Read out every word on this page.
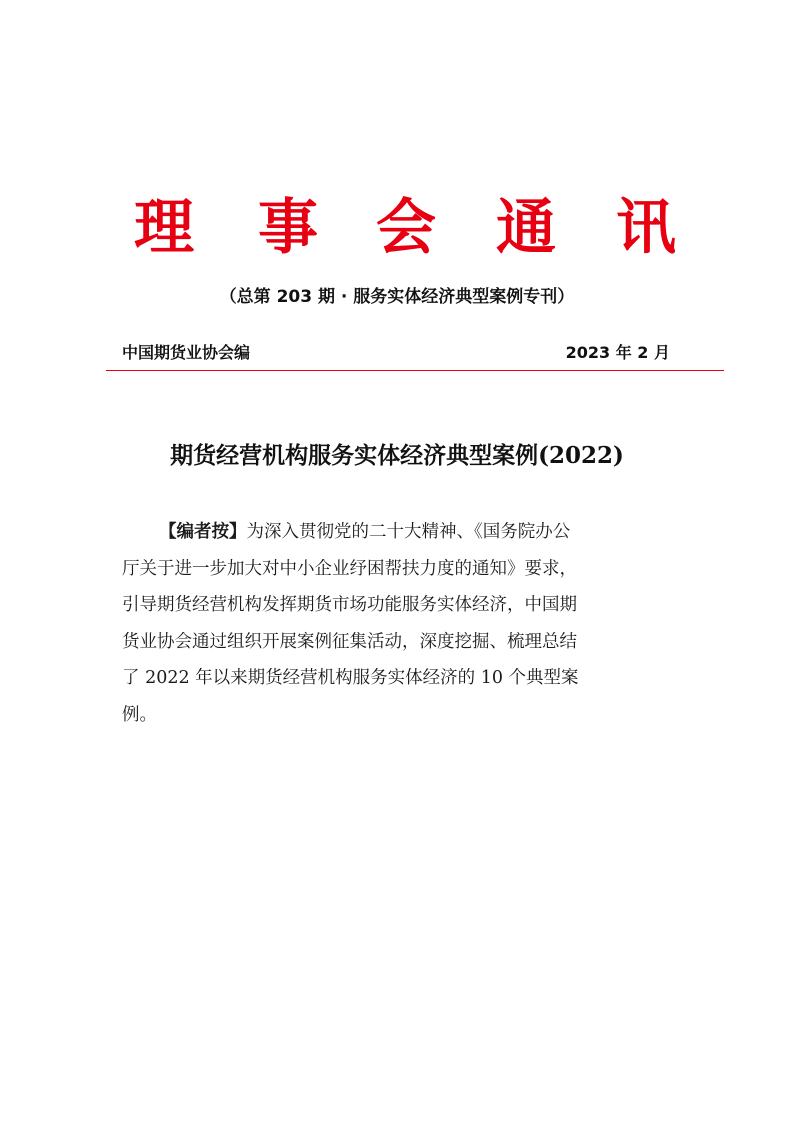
理 事 会 通 讯
（总第 203 期 · 服务实体经济典型案例专刊）
中国期货业协会编	2023 年 2 月
期货经营机构服务实体经济典型案例(2022)
【编者按】为深入贯彻党的二十大精神、《国务院办公
厅关于进一步加大对中小企业纾困帮扶力度的通知》要求，
引导期货经营机构发挥期货市场功能服务实体经济，中国期
货业协会通过组织开展案例征集活动，深度挖掘、梳理总结
了 2022 年以来期货经营机构服务实体经济的 10 个典型案
例。
